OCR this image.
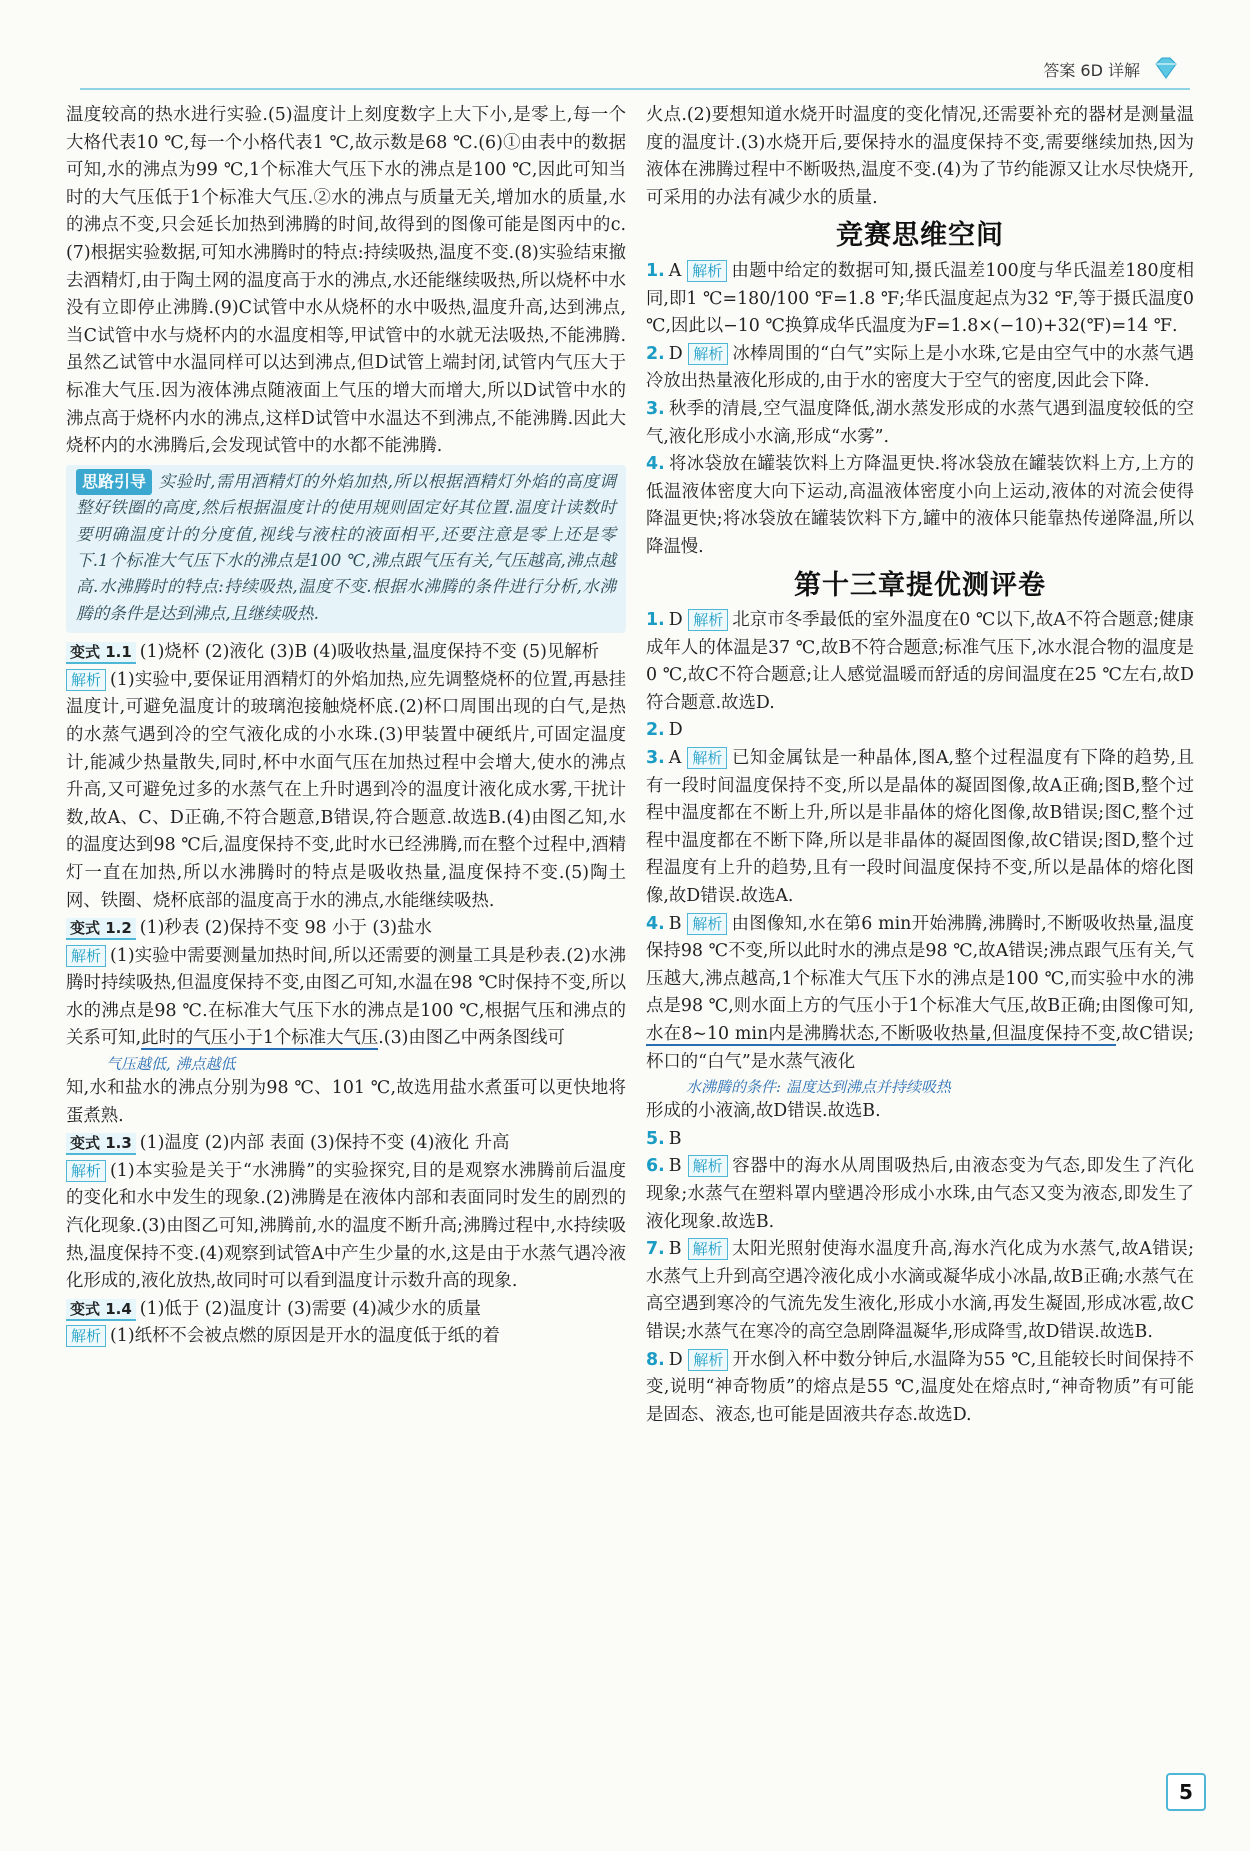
答案 6D 详解

温度较高的热水进行实验.(5)温度计上刻度数字上大下小,是零上,每一个大格代表10 ℃,每一个小格代表1 ℃,故示数是68 ℃.(6)①由表中的数据可知,水的沸点为99 ℃,1个标准大气压下水的沸点是100 ℃,因此可知当时的大气压低于1个标准大气压.②水的沸点与质量无关,增加水的质量,水的沸点不变,只会延长加热到沸腾的时间,故得到的图像可能是图丙中的c.(7)根据实验数据,可知水沸腾时的特点:持续吸热,温度不变.(8)实验结束撤去酒精灯,由于陶土网的温度高于水的沸点,水还能继续吸热,所以烧杯中水没有立即停止沸腾.(9)C试管中水从烧杯的水中吸热,温度升高,达到沸点,当C试管中水与烧杯内的水温度相等,甲试管中的水就无法吸热,不能沸腾.虽然乙试管中水温同样可以达到沸点,但D试管上端封闭,试管内气压大于标准大气压.因为液体沸点随液面上气压的增大而增大,所以D试管中水的沸点高于烧杯内水的沸点,这样D试管中水温达不到沸点,不能沸腾.因此大烧杯内的水沸腾后,会发现试管中的水都不能沸腾.

思路引导 实验时,需用酒精灯的外焰加热,所以根据酒精灯外焰的高度调整好铁圈的高度,然后根据温度计的使用规则固定好其位置.温度计读数时要明确温度计的分度值,视线与液柱的液面相平,还要注意是零上还是零下.1个标准大气压下水的沸点是100 ℃,沸点跟气压有关,气压越高,沸点越高.水沸腾时的特点:持续吸热,温度不变.根据水沸腾的条件进行分析,水沸腾的条件是达到沸点,且继续吸热.

变式 1.1 (1)烧杯 (2)液化 (3)B (4)吸收热量,温度保持不变 (5)见解析

解析 (1)实验中,要保证用酒精灯的外焰加热,应先调整烧杯的位置,再悬挂温度计,可避免温度计的玻璃泡接触烧杯底.(2)杯口周围出现的白气,是热的水蒸气遇到冷的空气液化成的小水珠.(3)甲装置中硬纸片,可固定温度计,能减少热量散失,同时,杯中水面气压在加热过程中会增大,使水的沸点升高,又可避免过多的水蒸气在上升时遇到冷的温度计液化成水雾,干扰计数,故A、C、D正确,不符合题意,B错误,符合题意.故选B.(4)由图乙知,水的温度达到98 ℃后,温度保持不变,此时水已经沸腾,而在整个过程中,酒精灯一直在加热,所以水沸腾时的特点是吸收热量,温度保持不变.(5)陶土网、铁圈、烧杯底部的温度高于水的沸点,水能继续吸热.

变式 1.2 (1)秒表 (2)保持不变 98 小于 (3)盐水

解析 (1)实验中需要测量加热时间,所以还需要的测量工具是秒表.(2)水沸腾时持续吸热,但温度保持不变,由图乙可知,水温在98 ℃时保持不变,所以水的沸点是98 ℃.在标准大气压下水的沸点是100 ℃,根据气压和沸点的关系可知,此时的气压小于1个标准大气压.(3)由图乙中两条图线可

气压越低, 沸点越低

知,水和盐水的沸点分别为98 ℃、101 ℃,故选用盐水煮蛋可以更快地将蛋煮熟.

变式 1.3 (1)温度 (2)内部 表面 (3)保持不变 (4)液化 升高

解析 (1)本实验是关于“水沸腾”的实验探究,目的是观察水沸腾前后温度的变化和水中发生的现象.(2)沸腾是在液体内部和表面同时发生的剧烈的汽化现象.(3)由图乙可知,沸腾前,水的温度不断升高;沸腾过程中,水持续吸热,温度保持不变.(4)观察到试管A中产生少量的水,这是由于水蒸气遇冷液化形成的,液化放热,故同时可以看到温度计示数升高的现象.

变式 1.4 (1)低于 (2)温度计 (3)需要 (4)减少水的质量

解析 (1)纸杯不会被点燃的原因是开水的温度低于纸的着

火点.(2)要想知道水烧开时温度的变化情况,还需要补充的器材是测量温度的温度计.(3)水烧开后,要保持水的温度保持不变,需要继续加热,因为液体在沸腾过程中不断吸热,温度不变.(4)为了节约能源又让水尽快烧开,可采用的办法有减少水的质量.

竞赛思维空间

1. A 解析 由题中给定的数据可知,摄氏温差100度与华氏温差180度相同,即1 ℃=180/100 ℉=1.8 ℉;华氏温度起点为32 ℉,等于摄氏温度0 ℃,因此以−10 ℃换算成华氏温度为F=1.8×(−10)+32(℉)=14 ℉.

2. D 解析 冰棒周围的“白气”实际上是小水珠,它是由空气中的水蒸气遇冷放出热量液化形成的,由于水的密度大于空气的密度,因此会下降.

3. 秋季的清晨,空气温度降低,湖水蒸发形成的水蒸气遇到温度较低的空气,液化形成小水滴,形成“水雾”.

4. 将冰袋放在罐装饮料上方降温更快.将冰袋放在罐装饮料上方,上方的低温液体密度大向下运动,高温液体密度小向上运动,液体的对流会使得降温更快;将冰袋放在罐装饮料下方,罐中的液体只能靠热传递降温,所以降温慢.

第十三章提优测评卷

1. D 解析 北京市冬季最低的室外温度在0 ℃以下,故A不符合题意;健康成年人的体温是37 ℃,故B不符合题意;标准气压下,冰水混合物的温度是0 ℃,故C不符合题意;让人感觉温暖而舒适的房间温度在25 ℃左右,故D符合题意.故选D.

2. D

3. A 解析 已知金属钛是一种晶体,图A,整个过程温度有下降的趋势,且有一段时间温度保持不变,所以是晶体的凝固图像,故A正确;图B,整个过程中温度都在不断上升,所以是非晶体的熔化图像,故B错误;图C,整个过程中温度都在不断下降,所以是非晶体的凝固图像,故C错误;图D,整个过程温度有上升的趋势,且有一段时间温度保持不变,所以是晶体的熔化图像,故D错误.故选A.

4. B 解析 由图像知,水在第6 min开始沸腾,沸腾时,不断吸收热量,温度保持98 ℃不变,所以此时水的沸点是98 ℃,故A错误;沸点跟气压有关,气压越大,沸点越高,1个标准大气压下水的沸点是100 ℃,而实验中水的沸点是98 ℃,则水面上方的气压小于1个标准大气压,故B正确;由图像可知,水在8~10 min内是沸腾状态,不断吸收热量,但温度保持不变,故C错误;杯口的“白气”是水蒸气液化

水沸腾的条件: 温度达到沸点并持续吸热

形成的小液滴,故D错误.故选B.

5. B

6. B 解析 容器中的海水从周围吸热后,由液态变为气态,即发生了汽化现象;水蒸气在塑料罩内壁遇冷形成小水珠,由气态又变为液态,即发生了液化现象.故选B.

7. B 解析 太阳光照射使海水温度升高,海水汽化成为水蒸气,故A错误;水蒸气上升到高空遇冷液化成小水滴或凝华成小冰晶,故B正确;水蒸气在高空遇到寒冷的气流先发生液化,形成小水滴,再发生凝固,形成冰雹,故C错误;水蒸气在寒冷的高空急剧降温凝华,形成降雪,故D错误.故选B.

8. D 解析 开水倒入杯中数分钟后,水温降为55 ℃,且能较长时间保持不变,说明“神奇物质”的熔点是55 ℃,温度处在熔点时,“神奇物质”有可能是固态、液态,也可能是固液共存态.故选D.

5
